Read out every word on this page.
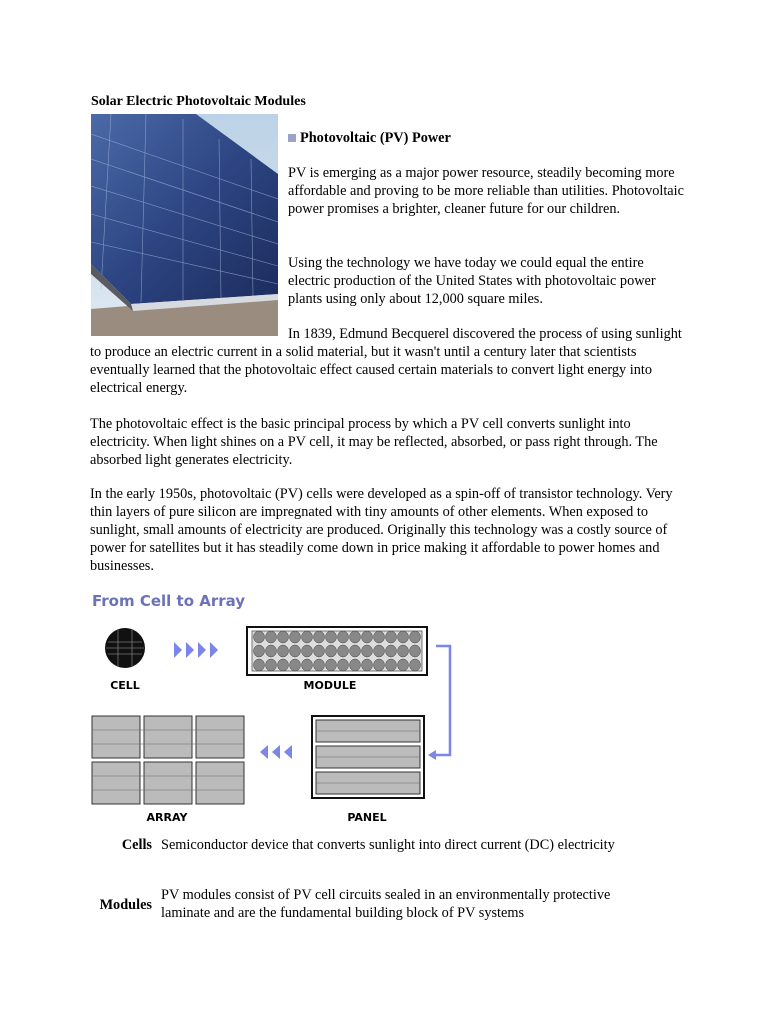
Solar Electric Photovoltaic Modules
Photovoltaic (PV) Power
PV is emerging as a major power resource, steadily becoming more affordable and proving to be more reliable than utilities. Photovoltaic power promises a brighter, cleaner future for our children.
Using the technology we have today we could equal the entire electric production of the United States with photovoltaic power plants using only about 12,000 square miles.
In 1839, Edmund Becquerel discovered the process of using sunlight to produce an electric current in a solid material, but it wasn't until a century later that scientists eventually learned that the photovoltaic effect caused certain materials to convert light energy into electrical energy.
The photovoltaic effect is the basic principal process by which a PV cell converts sunlight into electricity. When light shines on a PV cell, it may be reflected, absorbed, or pass right through. The absorbed light generates electricity.
In the early 1950s, photovoltaic (PV) cells were developed as a spin-off of transistor technology. Very thin layers of pure silicon are impregnated with tiny amounts of other elements. When exposed to sunlight, small amounts of electricity are produced. Originally this technology was a costly source of power for satellites but it has steadily come down in price making it affordable to power homes and businesses.
From Cell to Array
CELL	MODULE
ARRAY	PANEL
Cells Semiconductor device that converts sunlight into direct current (DC) electricity
Modules
PV modules consist of PV cell circuits sealed in an environmentally protective laminate and are the fundamental building block of PV systems
